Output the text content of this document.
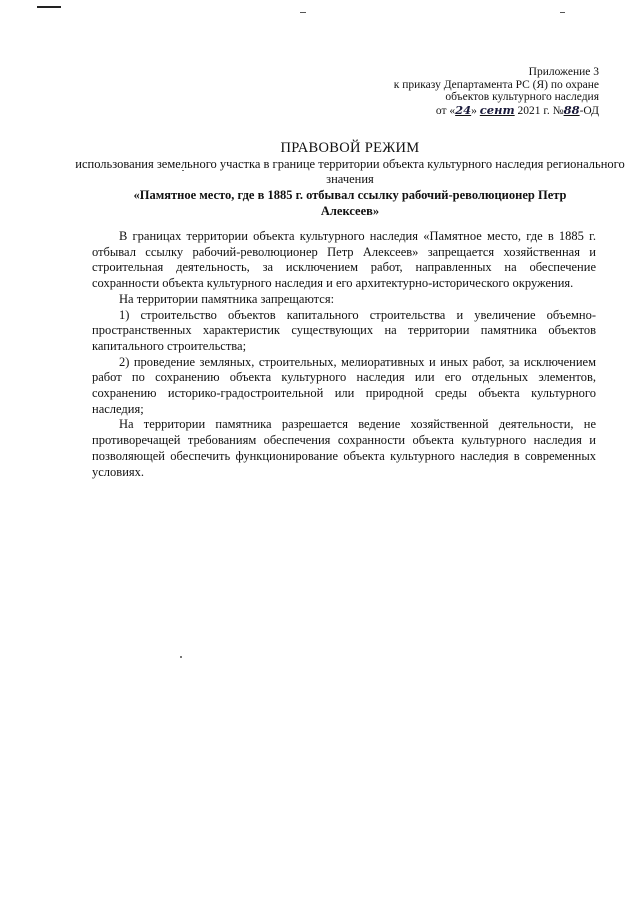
Приложение 3
к приказу Департамента РС (Я) по охране
объектов культурного наследия
от «24» сент 2021 г. №88-ОД
ПРАВОВОЙ РЕЖИМ
использования земельного участка в границе территории объекта культурного наследия регионального значения
«Памятное место, где в 1885 г. отбывал ссылку рабочий-революционер Петр Алексеев»

В границах территории объекта культурного наследия «Памятное место, где в 1885 г. отбывал ссылку рабочий-революционер Петр Алексеев» запрещается хозяйственная и строительная деятельность, за исключением работ, направленных на обеспечение сохранности объекта культурного наследия и его архитектурно-исторического окружения.

На территории памятника запрещаются:

1) строительство объектов капитального строительства и увеличение объемно-пространственных характеристик существующих на территории памятника объектов капитального строительства;

2) проведение земляных, строительных, мелиоративных и иных работ, за исключением работ по сохранению объекта культурного наследия или его отдельных элементов, сохранению историко-градостроительной или природной среды объекта культурного наследия;

На территории памятника разрешается ведение хозяйственной деятельности, не противоречащей требованиям обеспечения сохранности объекта культурного наследия и позволяющей обеспечить функционирование объекта культурного наследия в современных условиях.
